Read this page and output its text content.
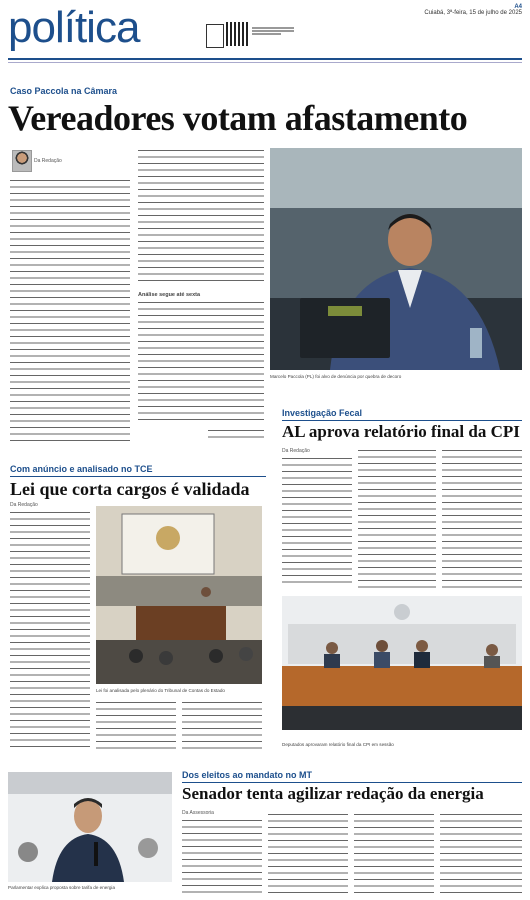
política	A4
Cuiabá, 3ª-feira, 15 de julho de 2025
Caso Paccola na Câmara
Vereadores votam afastamento
Da Redação
Análise segue até sexta
Marcelo Paccola (PL) foi alvo de denúncia por quebra de decoro
Investigação Fecal
AL aprova relatório final da CPI
Da Redação
Deputados aprovaram relatório final da CPI em sessão
Com anúncio e analisado no TCE
Lei que corta cargos é validada
Da Redação
Lei foi analisada pelo plenário do Tribunal de Contas do Estado
Parlamentar explica proposta sobre tarifa de energia
Dos eleitos ao mandato no MT
Senador tenta agilizar redação da energia
Da Assessoria
